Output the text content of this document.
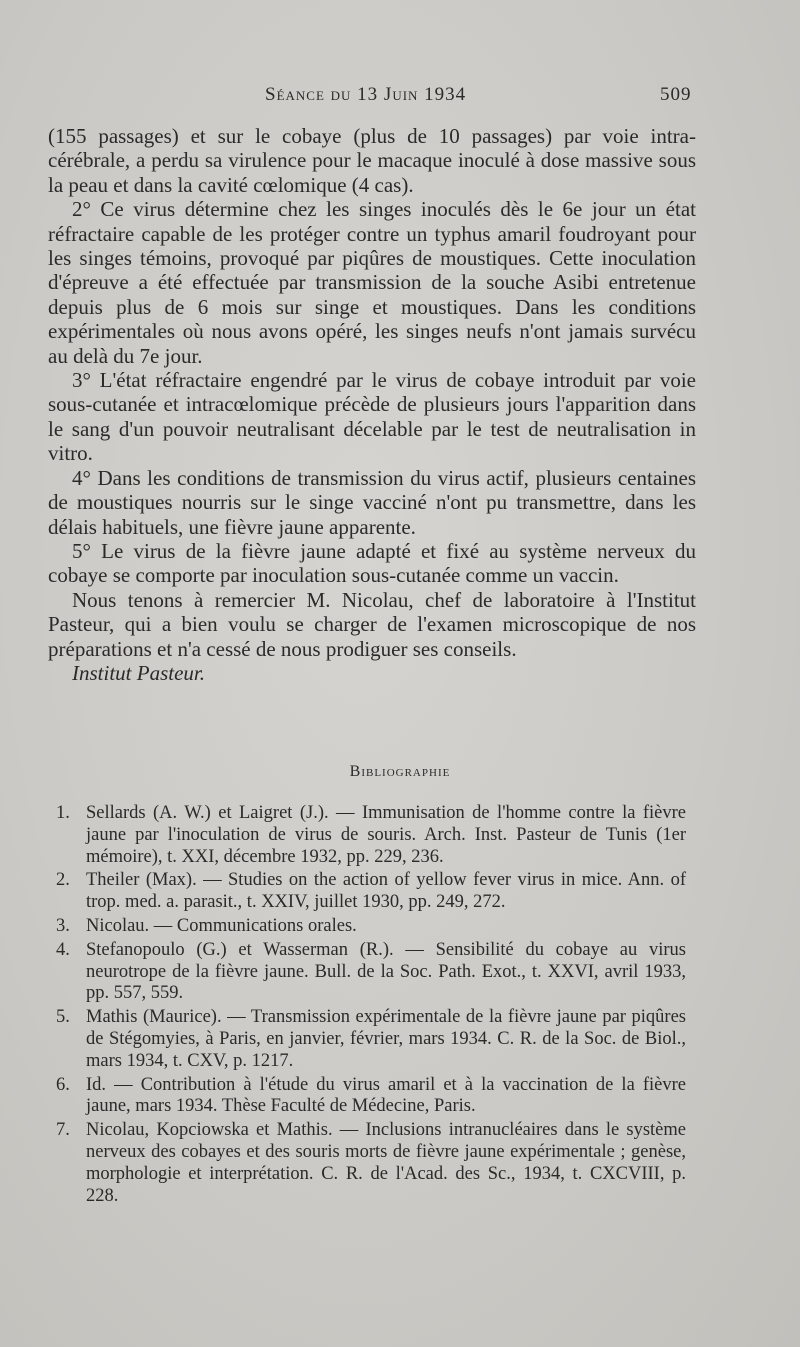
Séance du 13 Juin 1934	509

(155 passages) et sur le cobaye (plus de 10 passages) par voie intra-cérébrale, a perdu sa virulence pour le macaque inoculé à dose massive sous la peau et dans la cavité cœlomique (4 cas).

2° Ce virus détermine chez les singes inoculés dès le 6e jour un état réfractaire capable de les protéger contre un typhus amaril foudroyant pour les singes témoins, provoqué par piqûres de moustiques. Cette inoculation d'épreuve a été effectuée par transmission de la souche Asibi entretenue depuis plus de 6 mois sur singe et moustiques. Dans les conditions expérimentales où nous avons opéré, les singes neufs n'ont jamais survécu au delà du 7e jour.

3° L'état réfractaire engendré par le virus de cobaye introduit par voie sous-cutanée et intracœlomique précède de plusieurs jours l'apparition dans le sang d'un pouvoir neutralisant décelable par le test de neutralisation in vitro.

4° Dans les conditions de transmission du virus actif, plusieurs centaines de moustiques nourris sur le singe vacciné n'ont pu transmettre, dans les délais habituels, une fièvre jaune apparente.

5° Le virus de la fièvre jaune adapté et fixé au système nerveux du cobaye se comporte par inoculation sous-cutanée comme un vaccin.

Nous tenons à remercier M. Nicolau, chef de laboratoire à l'Institut Pasteur, qui a bien voulu se charger de l'examen microscopique de nos préparations et n'a cessé de nous prodiguer ses conseils.

Institut Pasteur.

Bibliographie
1. Sellards (A. W.) et Laigret (J.). — Immunisation de l'homme contre la fièvre jaune par l'inoculation de virus de souris. Arch. Inst. Pasteur de Tunis (1er mémoire), t. XXI, décembre 1932, pp. 229, 236.
2. Theiler (Max). — Studies on the action of yellow fever virus in mice. Ann. of trop. med. a. parasit., t. XXIV, juillet 1930, pp. 249, 272.
3. Nicolau. — Communications orales.
4. Stefanopoulo (G.) et Wasserman (R.). — Sensibilité du cobaye au virus neurotrope de la fièvre jaune. Bull. de la Soc. Path. Exot., t. XXVI, avril 1933, pp. 557, 559.
5. Mathis (Maurice). — Transmission expérimentale de la fièvre jaune par piqûres de Stégomyies, à Paris, en janvier, février, mars 1934. C. R. de la Soc. de Biol., mars 1934, t. CXV, p. 1217.
6. Id. — Contribution à l'étude du virus amaril et à la vaccination de la fièvre jaune, mars 1934. Thèse Faculté de Médecine, Paris.
7. Nicolau, Kopciowska et Mathis. — Inclusions intranucléaires dans le système nerveux des cobayes et des souris morts de fièvre jaune expérimentale ; genèse, morphologie et interprétation. C. R. de l'Acad. des Sc., 1934, t. CXCVIII, p. 228.
